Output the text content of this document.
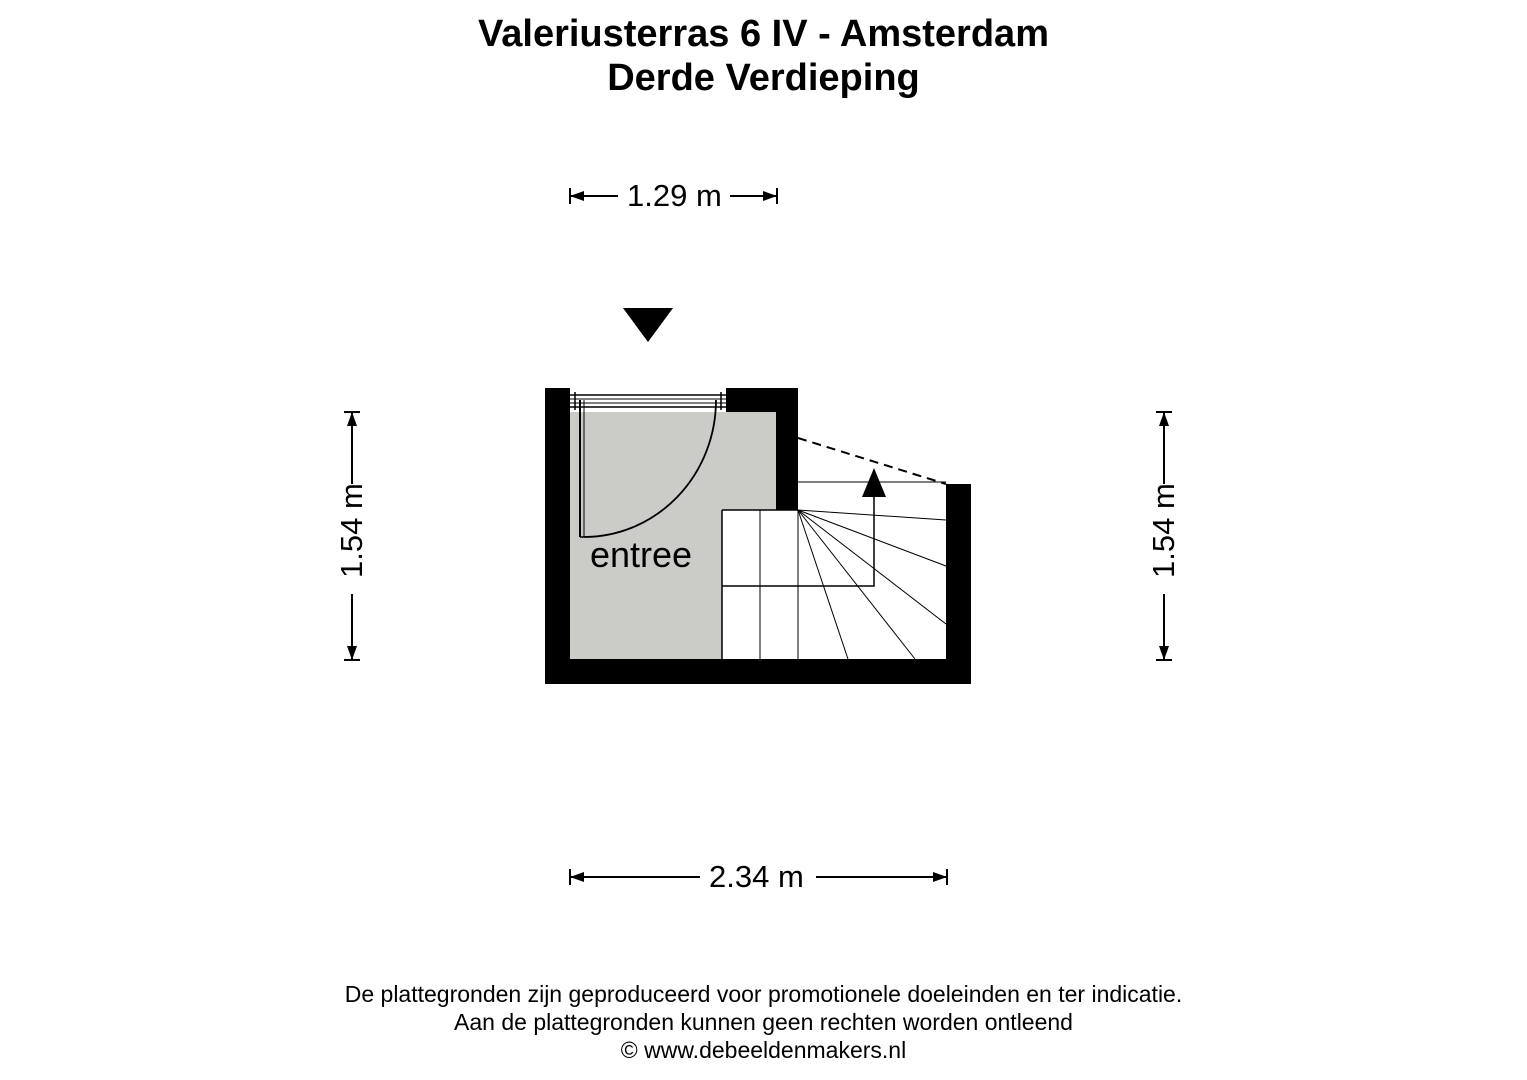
Valeriusterras 6 IV - Amsterdam
Derde Verdieping
1.29 m
2.34 m
1.54 m	1.54 m
entree
De plattegronden zijn geproduceerd voor promotionele doeleinden en ter indicatie.
Aan de plattegronden kunnen geen rechten worden ontleend
© www.debeeldenmakers.nl
